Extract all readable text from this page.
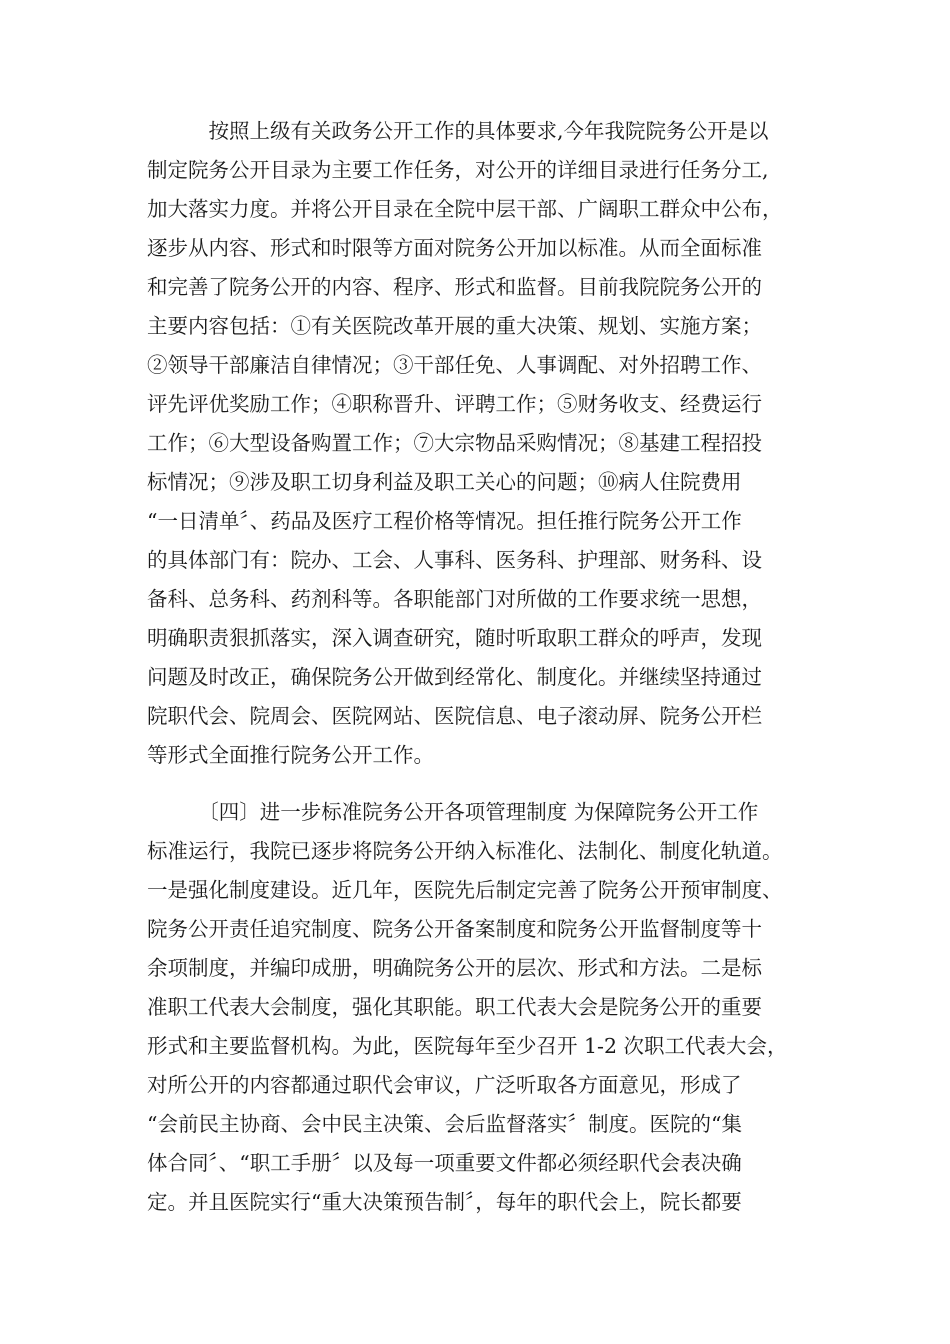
　　　按照上级有关政务公开工作的具体要求,今年我院院务公开是以
制定院务公开目录为主要工作任务，对公开的详细目录进行任务分工,
加大落实力度。并将公开目录在全院中层干部、广阔职工群众中公布，
逐步从内容、形式和时限等方面对院务公开加以标准。从而全面标准
和完善了院务公开的内容、程序、形式和监督。目前我院院务公开的
主要内容包括：①有关医院改革开展的重大决策、规划、实施方案；
②领导干部廉洁自律情况；③干部任免、人事调配、对外招聘工作、
评先评优奖励工作；④职称晋升、评聘工作；⑤财务收支、经费运行
工作；⑥大型设备购置工作；⑦大宗物品采购情况；⑧基建工程招投
标情况；⑨涉及职工切身利益及职工关心的问题；⑩病人住院费用
“一日清单〞、药品及医疗工程价格等情况。担任推行院务公开工作
的具体部门有：院办、工会、人事科、医务科、护理部、财务科、设
备科、总务科、药剂科等。各职能部门对所做的工作要求统一思想，
明确职责狠抓落实，深入调查研究，随时听取职工群众的呼声，发现
问题及时改正，确保院务公开做到经常化、制度化。并继续坚持通过
院职代会、院周会、医院网站、医院信息、电子滚动屏、院务公开栏
等形式全面推行院务公开工作。
　　　〔四〕进一步标准院务公开各项管理制度 为保障院务公开工作
标准运行，我院已逐步将院务公开纳入标准化、法制化、制度化轨道。
一是强化制度建设。近几年，医院先后制定完善了院务公开预审制度、
院务公开责任追究制度、院务公开备案制度和院务公开监督制度等十
余项制度，并编印成册，明确院务公开的层次、形式和方法。二是标
准职工代表大会制度，强化其职能。职工代表大会是院务公开的重要
形式和主要监督机构。为此，医院每年至少召开 1-2 次职工代表大会，
对所公开的内容都通过职代会审议，广泛听取各方面意见，形成了
“会前民主协商、会中民主决策、会后监督落实〞制度。医院的“集
体合同〞、“职工手册〞以及每一项重要文件都必须经职代会表决确
定。并且医院实行“重大决策预告制〞，每年的职代会上，院长都要
